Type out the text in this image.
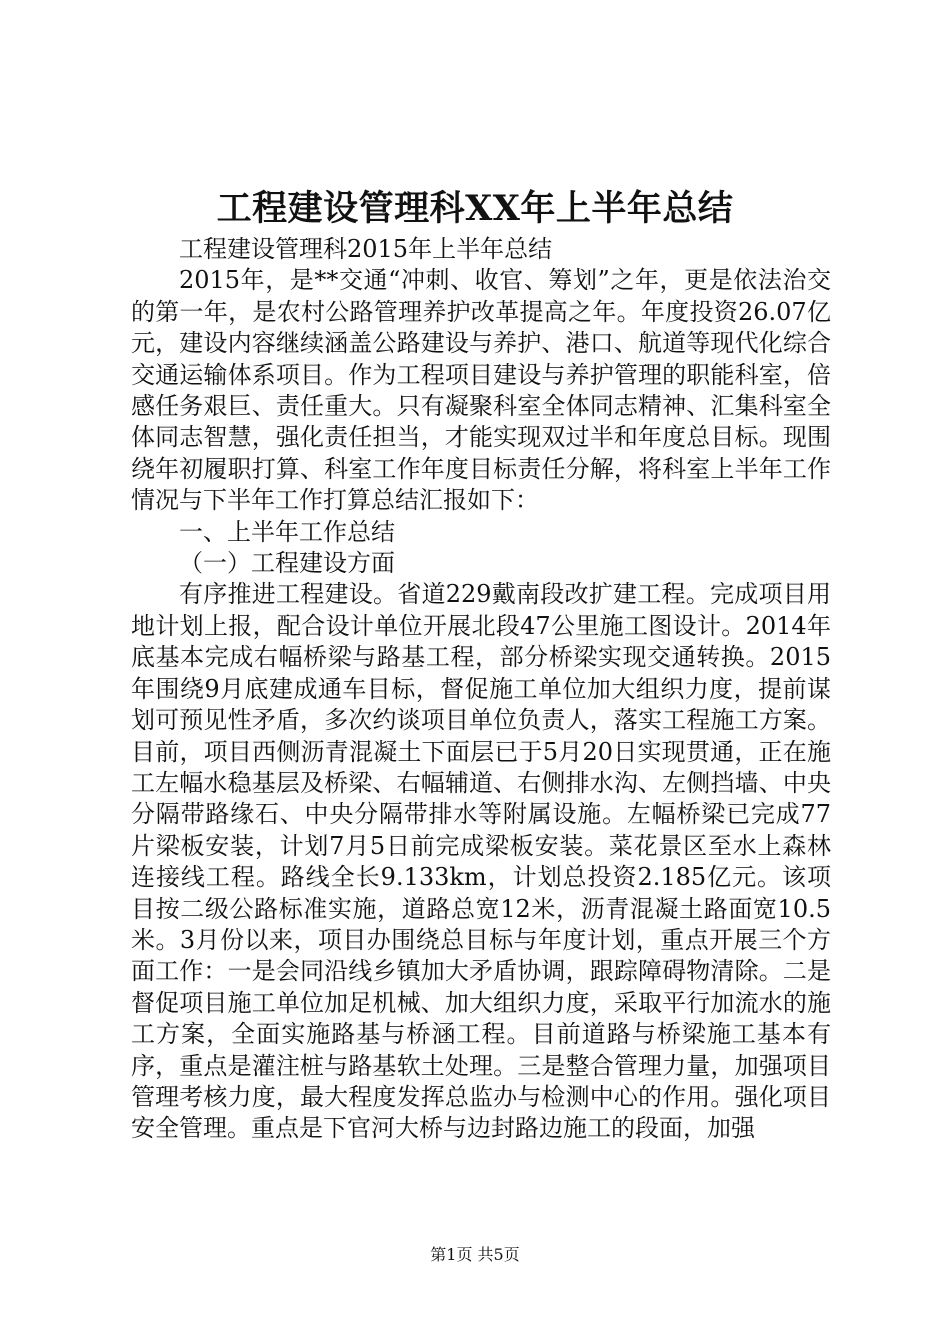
工程建设管理科XX年上半年总结

工程建设管理科2015年上半年总结

2015年，是**交通“冲刺、收官、筹划”之年，更是依法治交的第一年，是农村公路管理养护改革提高之年。年度投资26.07亿元，建设内容继续涵盖公路建设与养护、港口、航道等现代化综合交通运输体系项目。作为工程项目建设与养护管理的职能科室，倍感任务艰巨、责任重大。只有凝聚科室全体同志精神、汇集科室全体同志智慧，强化责任担当，才能实现双过半和年度总目标。现围绕年初履职打算、科室工作年度目标责任分解，将科室上半年工作情况与下半年工作打算总结汇报如下：

一、上半年工作总结

（一）工程建设方面

有序推进工程建设。省道229戴南段改扩建工程。完成项目用地计划上报，配合设计单位开展北段47公里施工图设计。2014年底基本完成右幅桥梁与路基工程，部分桥梁实现交通转换。2015年围绕9月底建成通车目标，督促施工单位加大组织力度，提前谋划可预见性矛盾，多次约谈项目单位负责人，落实工程施工方案。目前，项目西侧沥青混凝土下面层已于5月20日实现贯通，正在施工左幅水稳基层及桥梁、右幅辅道、右侧排水沟、左侧挡墙、中央分隔带路缘石、中央分隔带排水等附属设施。左幅桥梁已完成77片梁板安装，计划7月5日前完成梁板安装。菜花景区至水上森林连接线工程。路线全长9.133km，计划总投资2.185亿元。该项目按二级公路标准实施，道路总宽12米，沥青混凝土路面宽10.5米。3月份以来，项目办围绕总目标与年度计划，重点开展三个方面工作：一是会同沿线乡镇加大矛盾协调，跟踪障碍物清除。二是督促项目施工单位加足机械、加大组织力度，采取平行加流水的施工方案，全面实施路基与桥涵工程。目前道路与桥梁施工基本有序，重点是灌注桩与路基软土处理。三是整合管理力量，加强项目管理考核力度，最大程度发挥总监办与检测中心的作用。强化项目安全管理。重点是下官河大桥与边封路边施工的段面，加强

第1页 共5页
